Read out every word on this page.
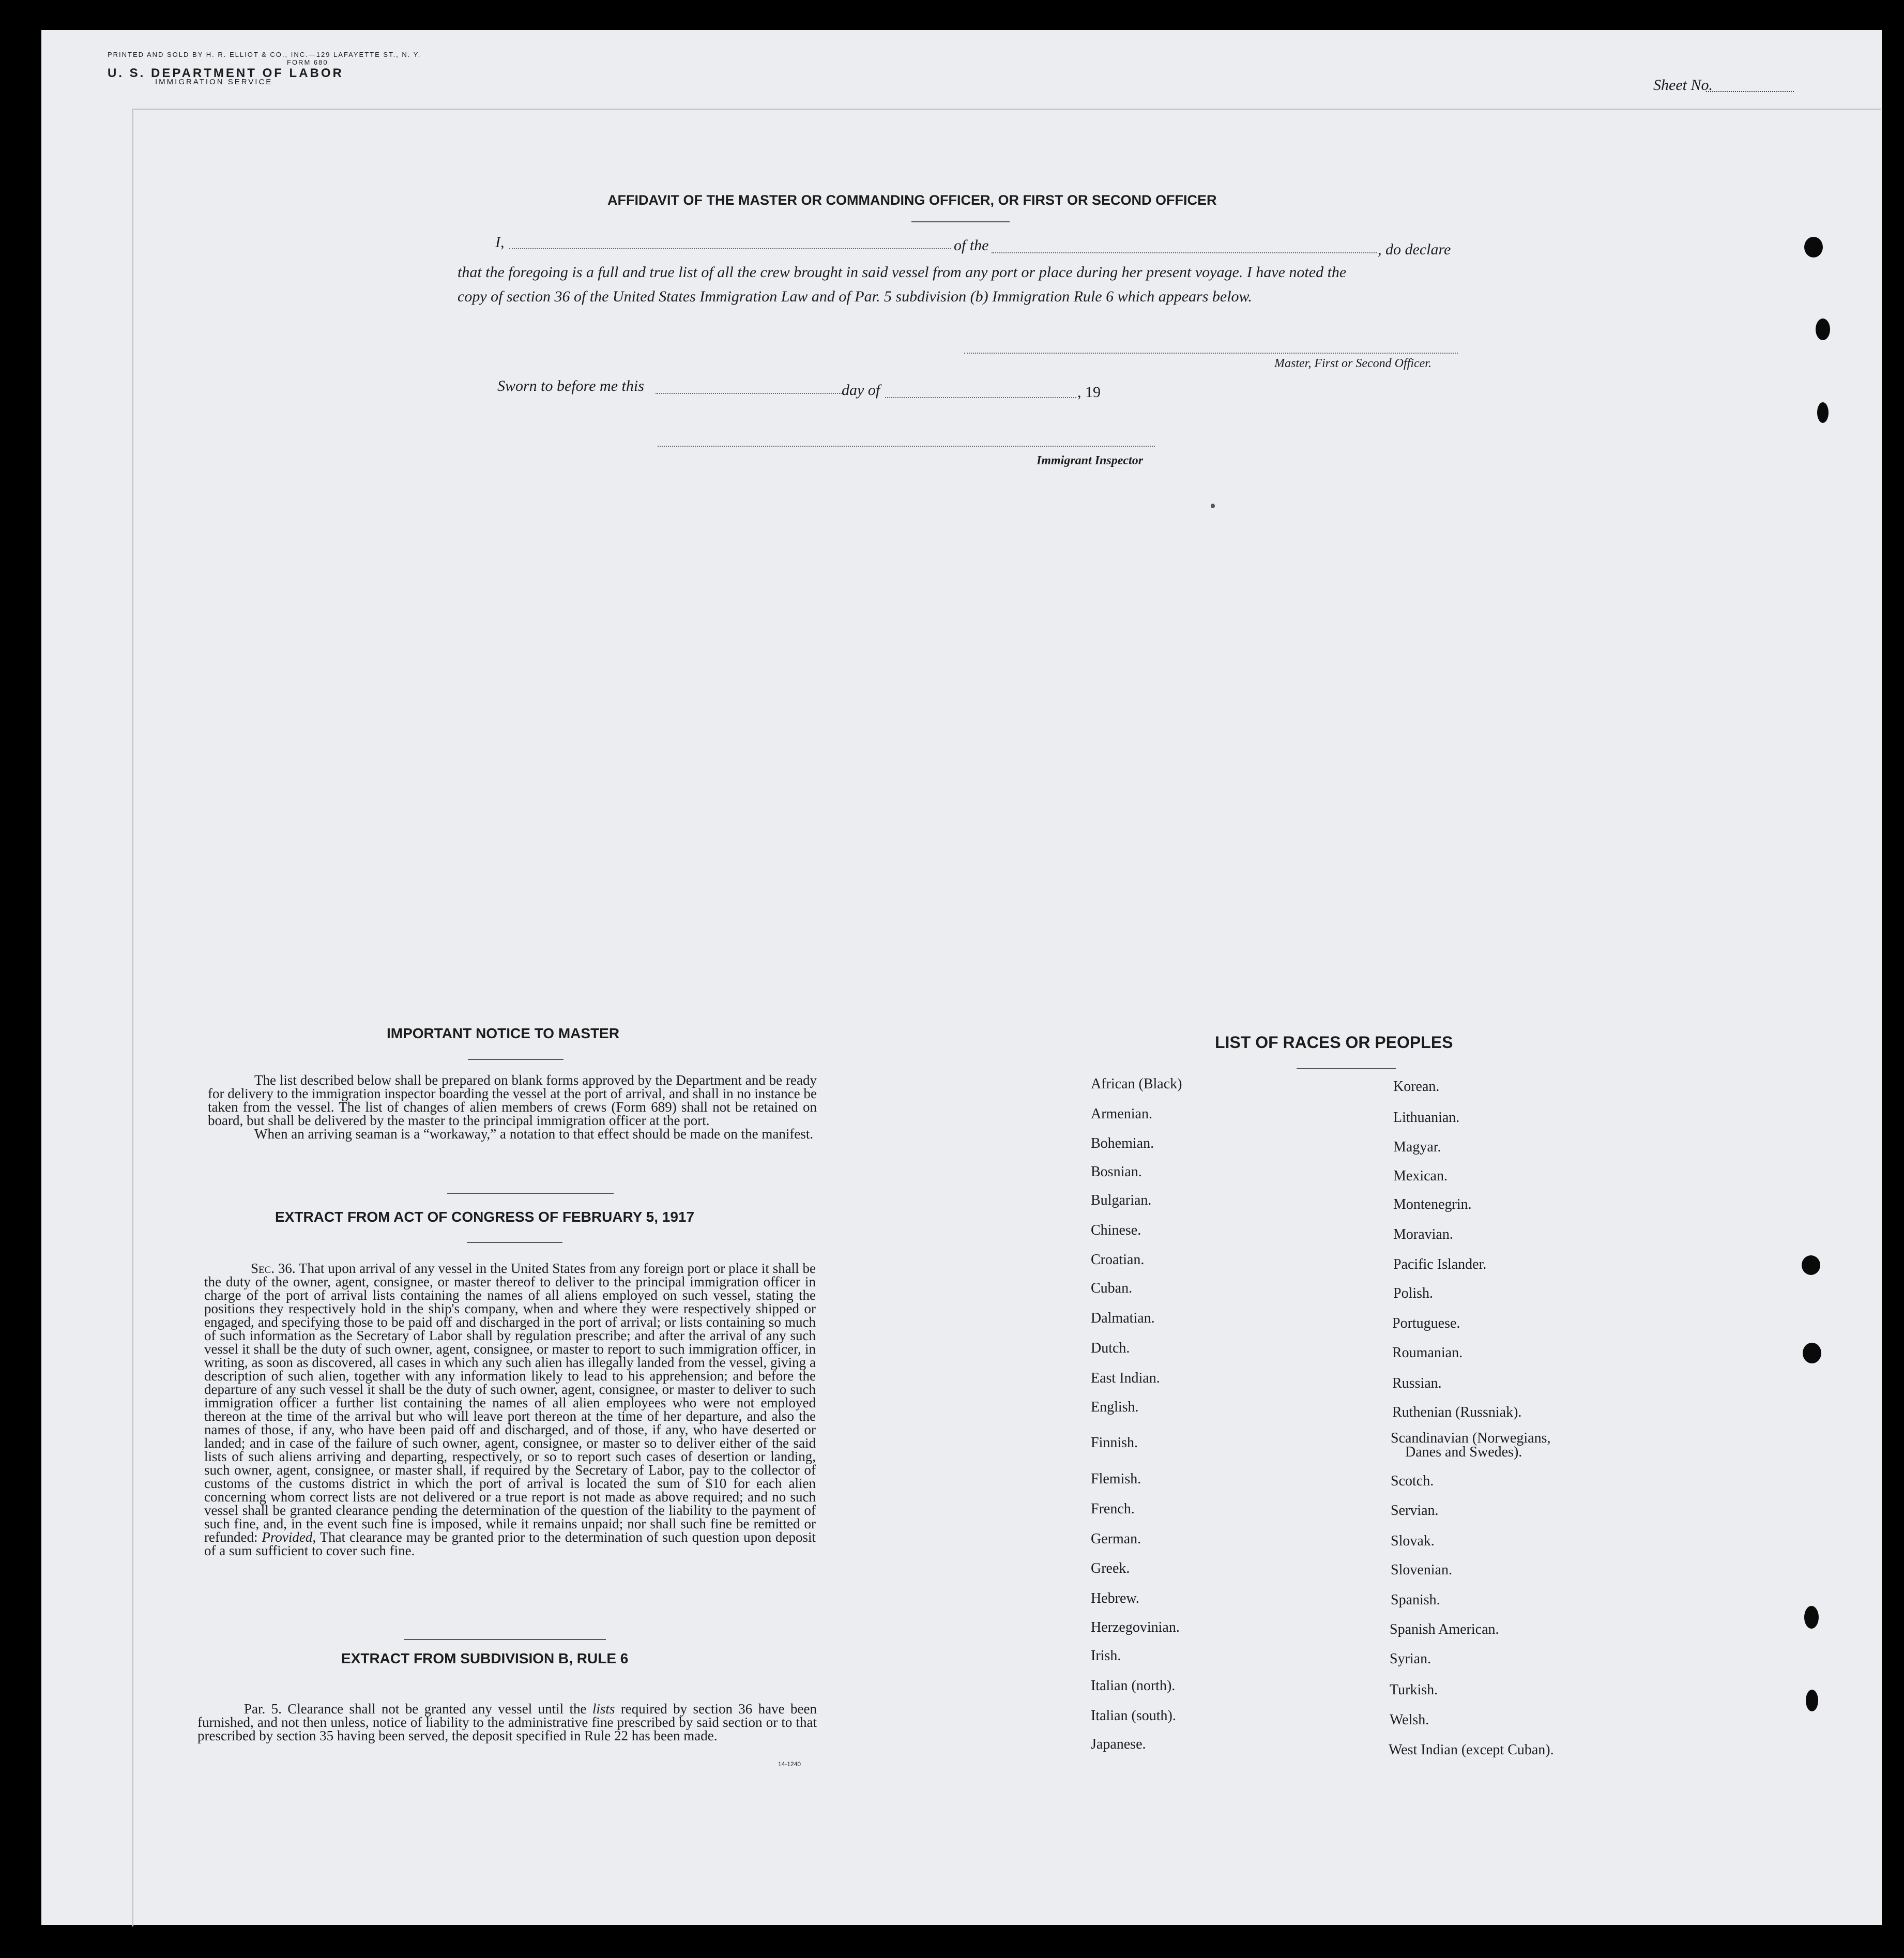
PRINTED AND SOLD BY H. R. ELLIOT & CO., INC.—129 LAFAYETTE ST., N. Y.
FORM 680
U. S. DEPARTMENT OF LABOR
IMMIGRATION SERVICE	Sheet No.
AFFIDAVIT OF THE MASTER OR COMMANDING OFFICER, OR FIRST OR SECOND OFFICER
I,	of the	, do declare
that the foregoing is a full and true list of all the crew brought in said vessel from any port or place during her present voyage. I have noted the
copy of section 36 of the United States Immigration Law and of Par. 5 subdivision (b) Immigration Rule 6 which appears below.
Master, First or Second Officer.
Sworn to before me this	day of	, 19
Immigrant Inspector
IMPORTANT NOTICE TO MASTER

The list described below shall be prepared on blank forms approved by the Department and be ready for delivery to the immigration inspector boarding the vessel at the port of arrival, and shall in no instance be taken from the vessel. The list of changes of alien members of crews (Form 689) shall not be retained on board, but shall be delivered by the master to the principal immigration officer at the port.

When an arriving seaman is a “workaway,” a notation to that effect should be made on the manifest.

EXTRACT FROM ACT OF CONGRESS OF FEBRUARY 5, 1917

Sec. 36. That upon arrival of any vessel in the United States from any foreign port or place it shall be the duty of the owner, agent, consignee, or master thereof to deliver to the principal immigration officer in charge of the port of arrival lists containing the names of all aliens employed on such vessel, stating the positions they respectively hold in the ship's company, when and where they were respectively shipped or engaged, and specifying those to be paid off and discharged in the port of arrival; or lists containing so much of such information as the Secretary of Labor shall by regulation prescribe; and after the arrival of any such vessel it shall be the duty of such owner, agent, consignee, or master to report to such immigration officer, in writing, as soon as discovered, all cases in which any such alien has illegally landed from the vessel, giving a description of such alien, together with any information likely to lead to his apprehension; and before the departure of any such vessel it shall be the duty of such owner, agent, consignee, or master to deliver to such immigration officer a further list containing the names of all alien employees who were not employed thereon at the time of the arrival but who will leave port thereon at the time of her departure, and also the names of those, if any, who have been paid off and discharged, and of those, if any, who have deserted or landed; and in case of the failure of such owner, agent, consignee, or master so to deliver either of the said lists of such aliens arriving and departing, respectively, or so to report such cases of desertion or landing, such owner, agent, consignee, or master shall, if required by the Secretary of Labor, pay to the collector of customs of the customs district in which the port of arrival is located the sum of $10 for each alien concerning whom correct lists are not delivered or a true report is not made as above required; and no such vessel shall be granted clearance pending the determination of the question of the liability to the payment of such fine, and, in the event such fine is imposed, while it remains unpaid; nor shall such fine be remitted or refunded: Provided, That clearance may be granted prior to the determination of such question upon deposit of a sum sufficient to cover such fine.

EXTRACT FROM SUBDIVISION B, RULE 6

Par. 5. Clearance shall not be granted any vessel until the lists required by section 36 have been furnished, and not then unless, notice of liability to the administrative fine prescribed by said section or to that prescribed by section 35 having been served, the deposit specified in Rule 22 has been made.

14-1240
LIST OF RACES OR PEOPLES
African (Black)
Armenian.
Bohemian.
Bosnian.
Bulgarian.
Chinese.
Croatian.
Cuban.
Dalmatian.
Dutch.
East Indian.
English.
Finnish.
Flemish.
French.
German.
Greek.
Hebrew.
Herzegovinian.
Irish.
Italian (north).
Italian (south).
Japanese.
Korean.
Lithuanian.
Magyar.
Mexican.
Montenegrin.
Moravian.
Pacific Islander.
Polish.
Portuguese.
Roumanian.
Russian.
Ruthenian (Russniak).
Scandinavian (Norwegians,
Danes and Swedes).
Scotch.
Servian.
Slovak.
Slovenian.
Spanish.
Spanish American.
Syrian.
Turkish.
Welsh.
West Indian (except Cuban).
